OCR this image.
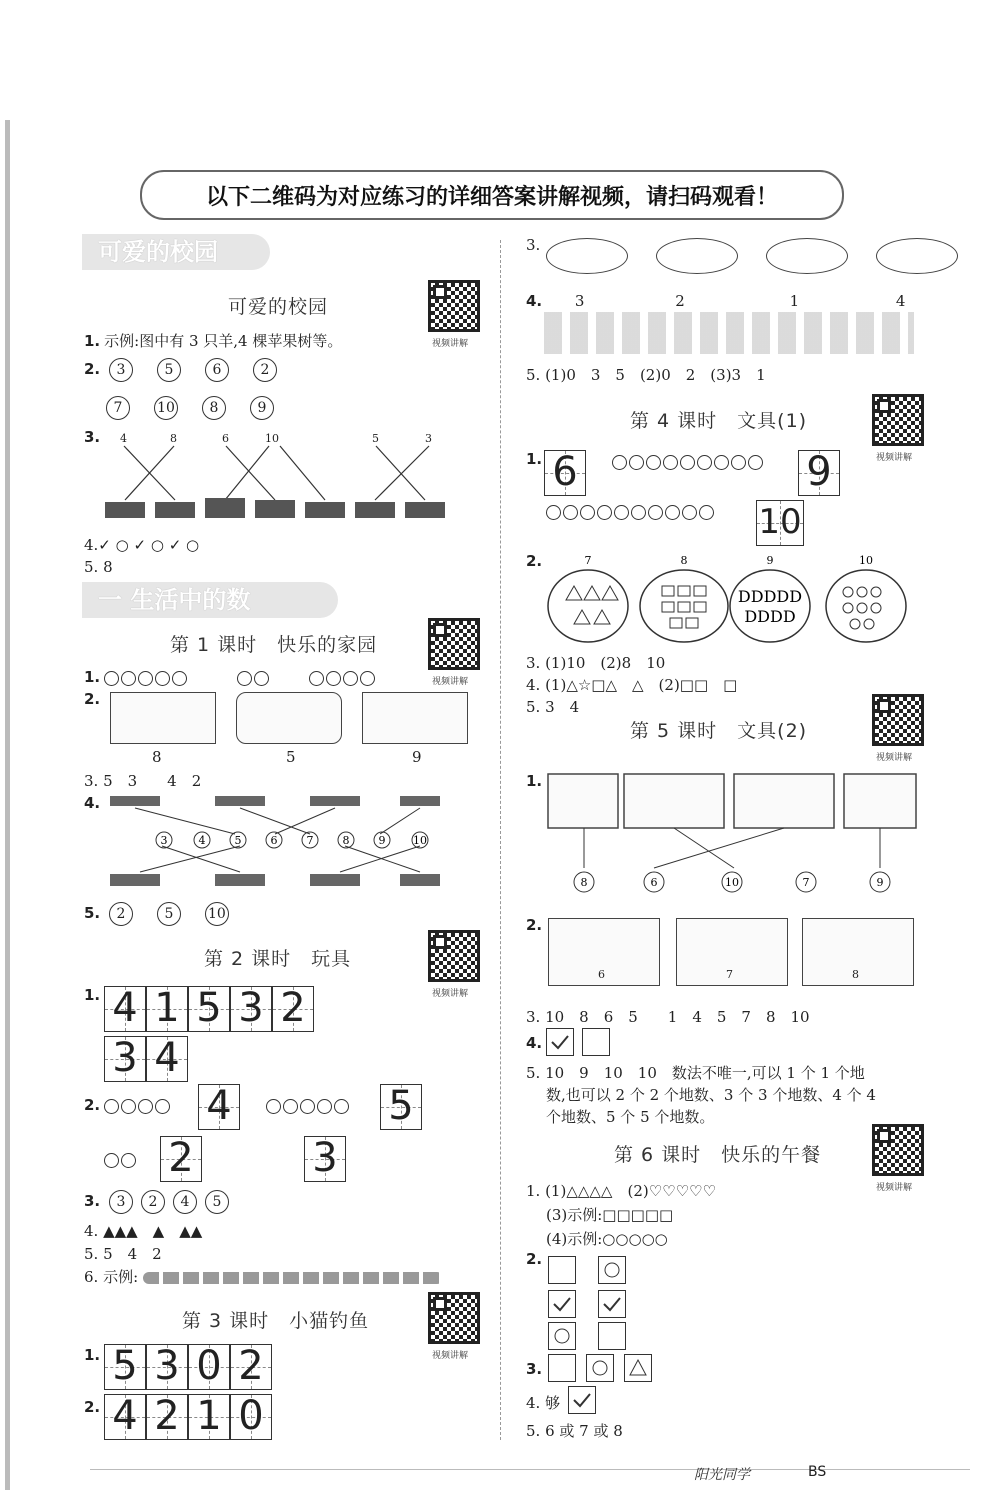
以下二维码为对应练习的详细答案讲解视频，请扫码观看！
可爱的校园
可爱的校园
视频讲解
1. 示例:图中有 3 只羊,4 棵苹果树等。
2. 3	5	6	2
7 10 8	9
3.	4	8	6	10	5	3
4.✓ ○ ✓ ○ ✓ ○
5. 8
一 生活中的数
第 1 课时　快乐的家园
视频讲解
1.
2.
8	5	9
3. 5　3　　4　2
4.
3	4	5	6	7	8	9	10
5. 2	5 10
第 2 课时　玩具
视频讲解
1. 4 1 5 3 2
3 4
2.	4	5
2	3
3. 3 2 4 5
4. ▲▲▲　▲　▲▲
5. 5　4　2
6. 示例:
第 3 课时　小猫钓鱼
视频讲解
1. 5 3 0 2
2. 4 2 1 0
3.
4. 3	2	1	4
5. (1)0　3　5　(2)0　2　(3)3　1
第 4 课时　文具(1)
视频讲解
1. 6	9
10
2.	7	8	9	10
DDDDD
DDDD
3. (1)10　(2)8　10
4. (1)△☆□△　△　(2)□□　□
5. 3　4
第 5 课时　文具(2)
视频讲解
1.
8	6	10	7	9
2.
6	7	8
3. 10　8　6　5　　1　4　5　7　8　10
4.
5. 10　9　10　10　数法不唯一,可以 1 个 1 个地
数,也可以 2 个 2 个地数、3 个 3 个地数、4 个 4
个地数、5 个 5 个地数。
第 6 课时　快乐的午餐
视频讲解
1. (1)△△△△　(2)♡♡♡♡♡
(3)示例:□□□□□
(4)示例:○○○○○
2.
3.
4. 够
5. 6 或 7 或 8
阳光同学	BS
